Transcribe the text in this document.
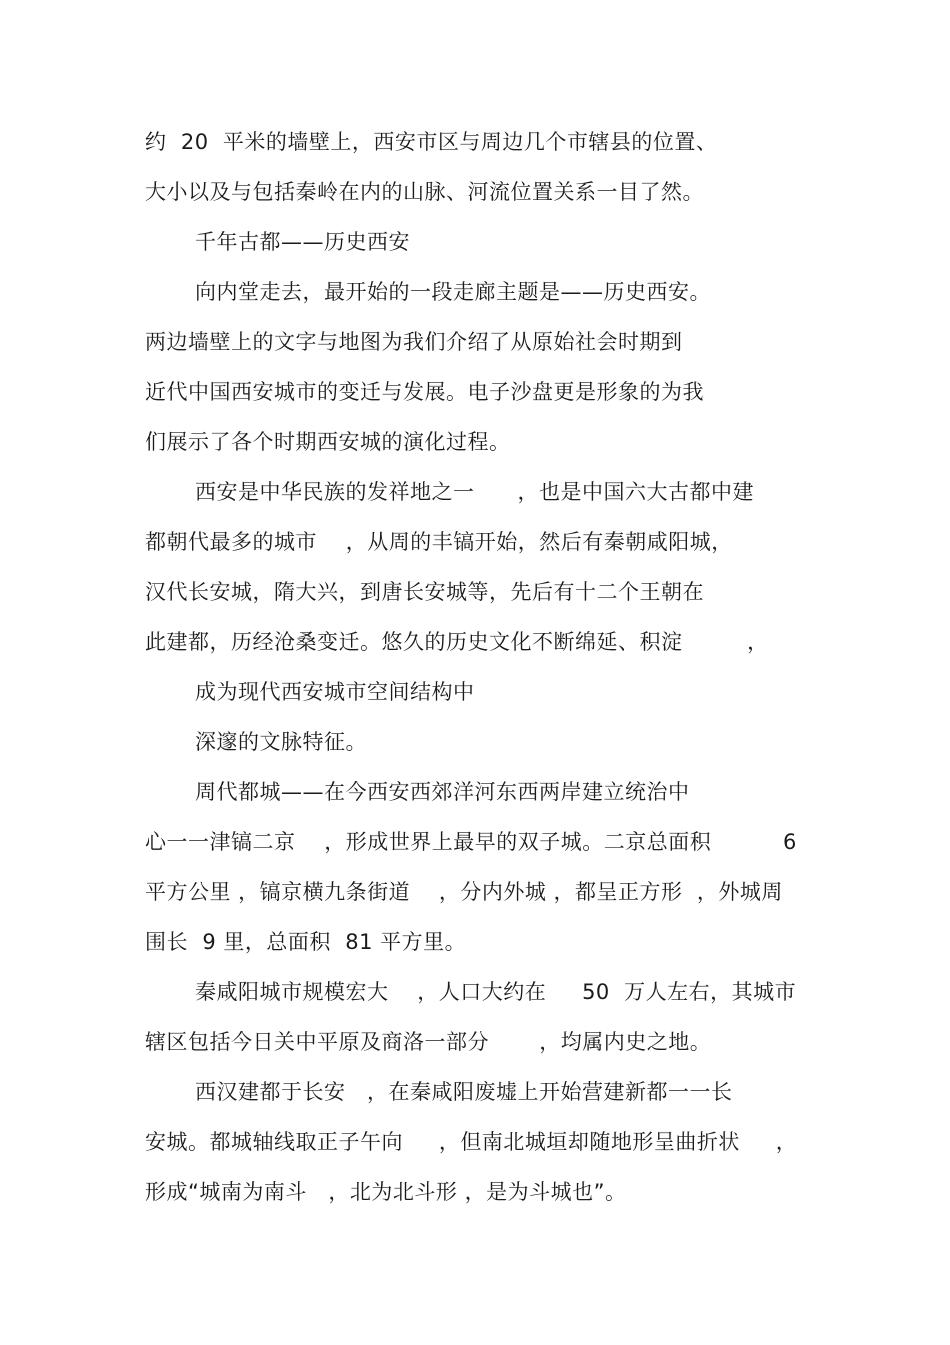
约  20  平米的墙壁上，西安市区与周边几个市辖县的位置、
大小以及与包括秦岭在内的山脉、河流位置关系一目了然。
千年古都——历史西安
向内堂走去，最开始的一段走廊主题是——历史西安。
两边墙壁上的文字与地图为我们介绍了从原始社会时期到
近代中国西安城市的变迁与发展。电子沙盘更是形象的为我
们展示了各个时期西安城的演化过程。
西安是中华民族的发祥地之一      ，也是中国六大古都中建
都朝代最多的城市    ，从周的丰镐开始，然后有秦朝咸阳城，
汉代长安城，隋大兴，到唐长安城等，先后有十二个王朝在
此建都，历经沧桑变迁。悠久的历史文化不断绵延、积淀         ，
成为现代西安城市空间结构中
深邃的文脉特征。
周代都城——在今西安西郊洋河东西两岸建立统治中
心一一津镐二京    ，形成世界上最早的双子城。二京总面积          6
平方公里 ，镐京横九条街道    ，分内外城 ，都呈正方形  ，外城周
围长  9 里，总面积  81 平方里。
秦咸阳城市规模宏大    ，人口大约在     50  万人左右，其城市
辖区包括今日关中平原及商洛一部分       ，均属内史之地。
西汉建都于长安   ，在秦咸阳废墟上开始营建新都一一长
安城。都城轴线取正子午向     ，但南北城垣却随地形呈曲折状     ，
形成“城南为南斗   ，北为北斗形 ，是为斗城也”。
